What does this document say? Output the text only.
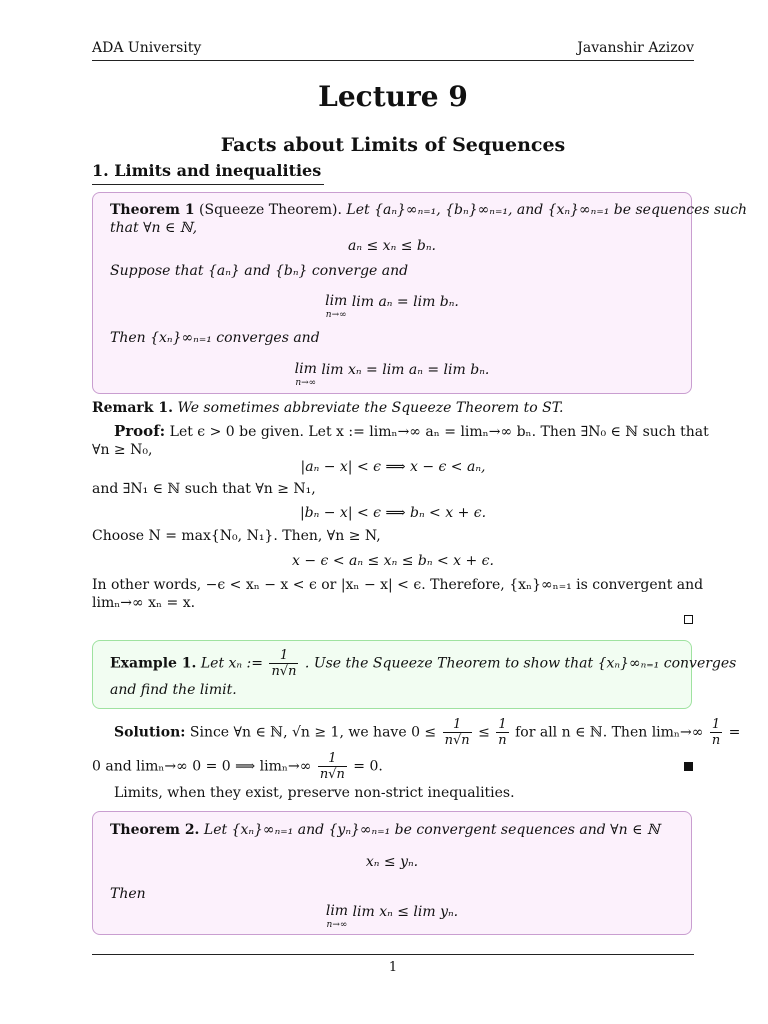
ADA University	Javanshir Azizov
Lecture 9
Facts about Limits of Sequences
1. Limits and inequalities
Theorem 1 (Squeeze Theorem). Let {aₙ}∞ₙ₌₁, {bₙ}∞ₙ₌₁, and {xₙ}∞ₙ₌₁ be sequences such
that ∀n ∈ ℕ,
aₙ ≤ xₙ ≤ bₙ.
Suppose that {aₙ} and {bₙ} converge and
lim
n→∞
lim aₙ = lim bₙ.
Then {xₙ}∞ₙ₌₁ converges and
lim
n→∞
lim xₙ = lim aₙ = lim bₙ.
Remark 1. We sometimes abbreviate the Squeeze Theorem to ST.
Proof: Let ϵ > 0 be given. Let x := limₙ→∞ aₙ = limₙ→∞ bₙ. Then ∃N₀ ∈ ℕ such that
∀n ≥ N₀,
|aₙ − x| < ϵ ⟹ x − ϵ < aₙ,
and ∃N₁ ∈ ℕ such that ∀n ≥ N₁,
|bₙ − x| < ϵ ⟹ bₙ < x + ϵ.
Choose N = max{N₀, N₁}. Then, ∀n ≥ N,
x − ϵ < aₙ ≤ xₙ ≤ bₙ < x + ϵ.
In other words, −ϵ < xₙ − x < ϵ or |xₙ − x| < ϵ. Therefore, {xₙ}∞ₙ₌₁ is convergent and
limₙ→∞ xₙ = x.
Example 1. Let xₙ := $\frac{1}{n√n}$ . Use the Squeeze Theorem to show that {xₙ}∞ₙ₌₁ converges
and find the limit.
Solution: Since ∀n ∈ ℕ, √n ≥ 1, we have $0 \le \frac{1}{n√n} \le \frac{1}{n}$ for all n ∈ ℕ. Then $\lim_n\to\infty \frac{1}{n}$ =
0 and limₙ→∞ 0 = 0 ⟹ $\lim_n\to\infty \frac{1}{n√n} = 0$.
Limits, when they exist, preserve non-strict inequalities.
Theorem 2. Let {xₙ}∞ₙ₌₁ and {yₙ}∞ₙ₌₁ be convergent sequences and ∀n ∈ ℕ
xₙ ≤ yₙ.
Then
lim
n→∞
lim xₙ ≤ lim yₙ.
1
